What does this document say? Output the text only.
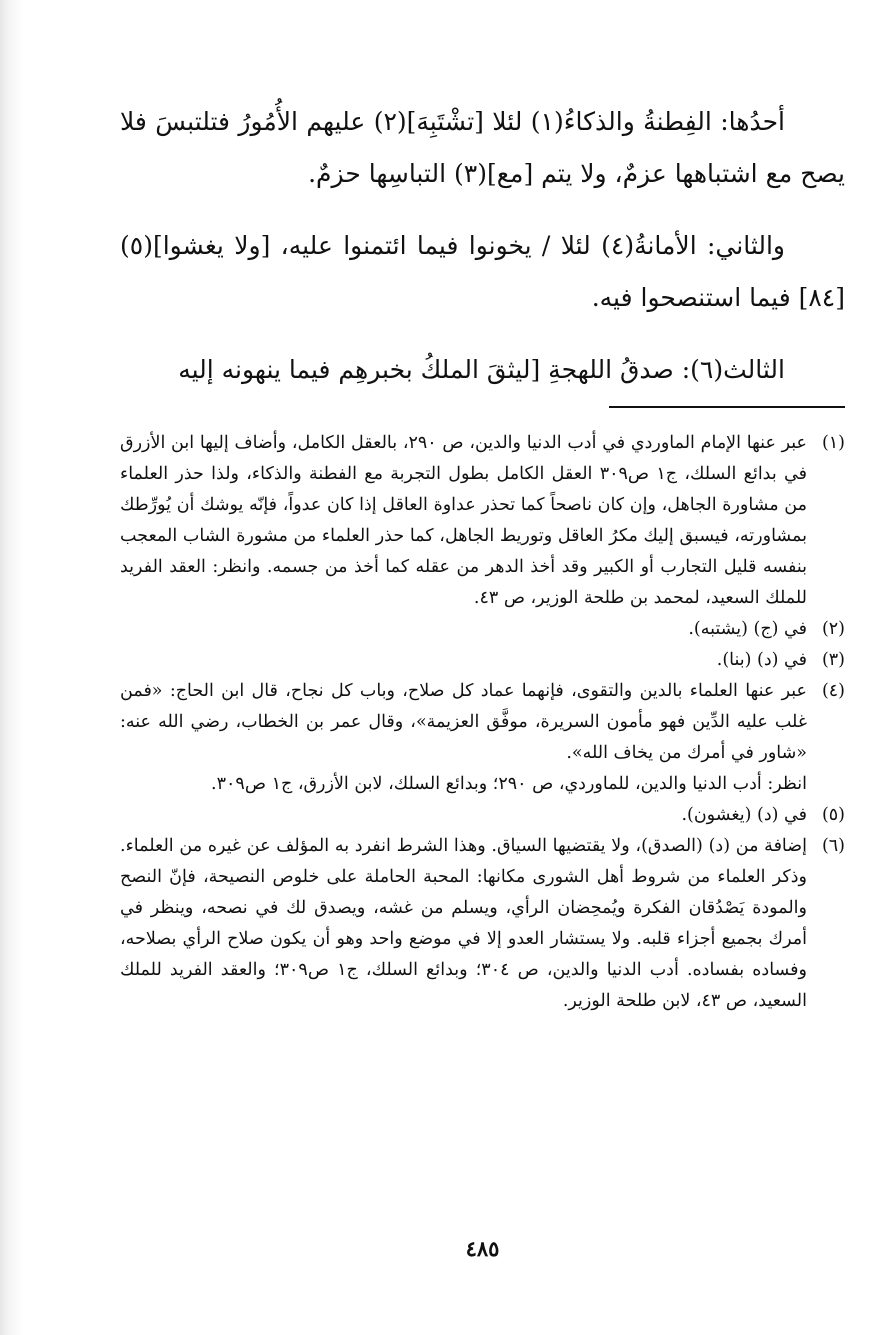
أحدُها: الفِطنةُ والذكاءُ(١) لئلا [تشْتَبِهَ](٢) عليهم الأُمُورُ فتلتبسَ فلا يصح مع اشتباهها عزمٌ، ولا يتم [مع](٣) التباسِها حزمٌ.

والثاني: الأمانةُ(٤) لئلا / يخونوا فيما ائتمنوا عليه، [ولا يغشوا](٥) [٨٤] فيما استنصحوا فيه.

الثالث(٦): صدقُ اللهجةِ [ليثقَ الملكُ بخبرهِم فيما ينهونه إليه

(١)

عبر عنها الإمام الماوردي في أدب الدنيا والدين، ص ٢٩٠، بالعقل الكامل، وأضاف إليها ابن الأزرق في بدائع السلك، ج١ ص٣٠٩ العقل الكامل بطول التجربة مع الفطنة والذكاء، ولذا حذر العلماء من مشاورة الجاهل، وإن كان ناصحاً كما تحذر عداوة العاقل إذا كان عدواً، فإنّه يوشك أن يُورِّطك بمشاورته، فيسبق إليك مكرُ العاقل وتوريط الجاهل، كما حذر العلماء من مشورة الشاب المعجب بنفسه قليل التجارب أو الكبير وقد أخذ الدهر من عقله كما أخذ من جسمه. وانظر: العقد الفريد للملك السعيد، لمحمد بن طلحة الوزير، ص ٤٣.

(٢)

في (ج) (يشتبه).

(٣)

في (د) (بنا).

(٤)

عبر عنها العلماء بالدين والتقوى، فإنهما عماد كل صلاح، وباب كل نجاح، قال ابن الحاج: «فمن غلب عليه الدِّين فهو مأمون السريرة، موفَّق العزيمة»، وقال عمر بن الخطاب، رضي الله عنه: «شاور في أمرك من يخاف الله».

انظر: أدب الدنيا والدين، للماوردي، ص ٢٩٠؛ وبدائع السلك، لابن الأزرق، ج١ ص٣٠٩.

(٥)

في (د) (يغشون).

(٦)

إضافة من (د) (الصدق)، ولا يقتضيها السياق. وهذا الشرط انفرد به المؤلف عن غيره من العلماء. وذكر العلماء من شروط أهل الشورى مكانها: المحبة الحاملة على خلوص النصيحة، فإنّ النصح والمودة يَصْدُقان الفكرة ويُمحِضان الرأي، ويسلم من غشه، ويصدق لك في نصحه، وينظر في أمرك بجميع أجزاء قلبه. ولا يستشار العدو إلا في موضع واحد وهو أن يكون صلاح الرأي بصلاحه، وفساده بفساده. أدب الدنيا والدين، ص ٣٠٤؛ وبدائع السلك، ج١ ص٣٠٩؛ والعقد الفريد للملك السعيد، ص ٤٣، لابن طلحة الوزير.

٤٨٥
